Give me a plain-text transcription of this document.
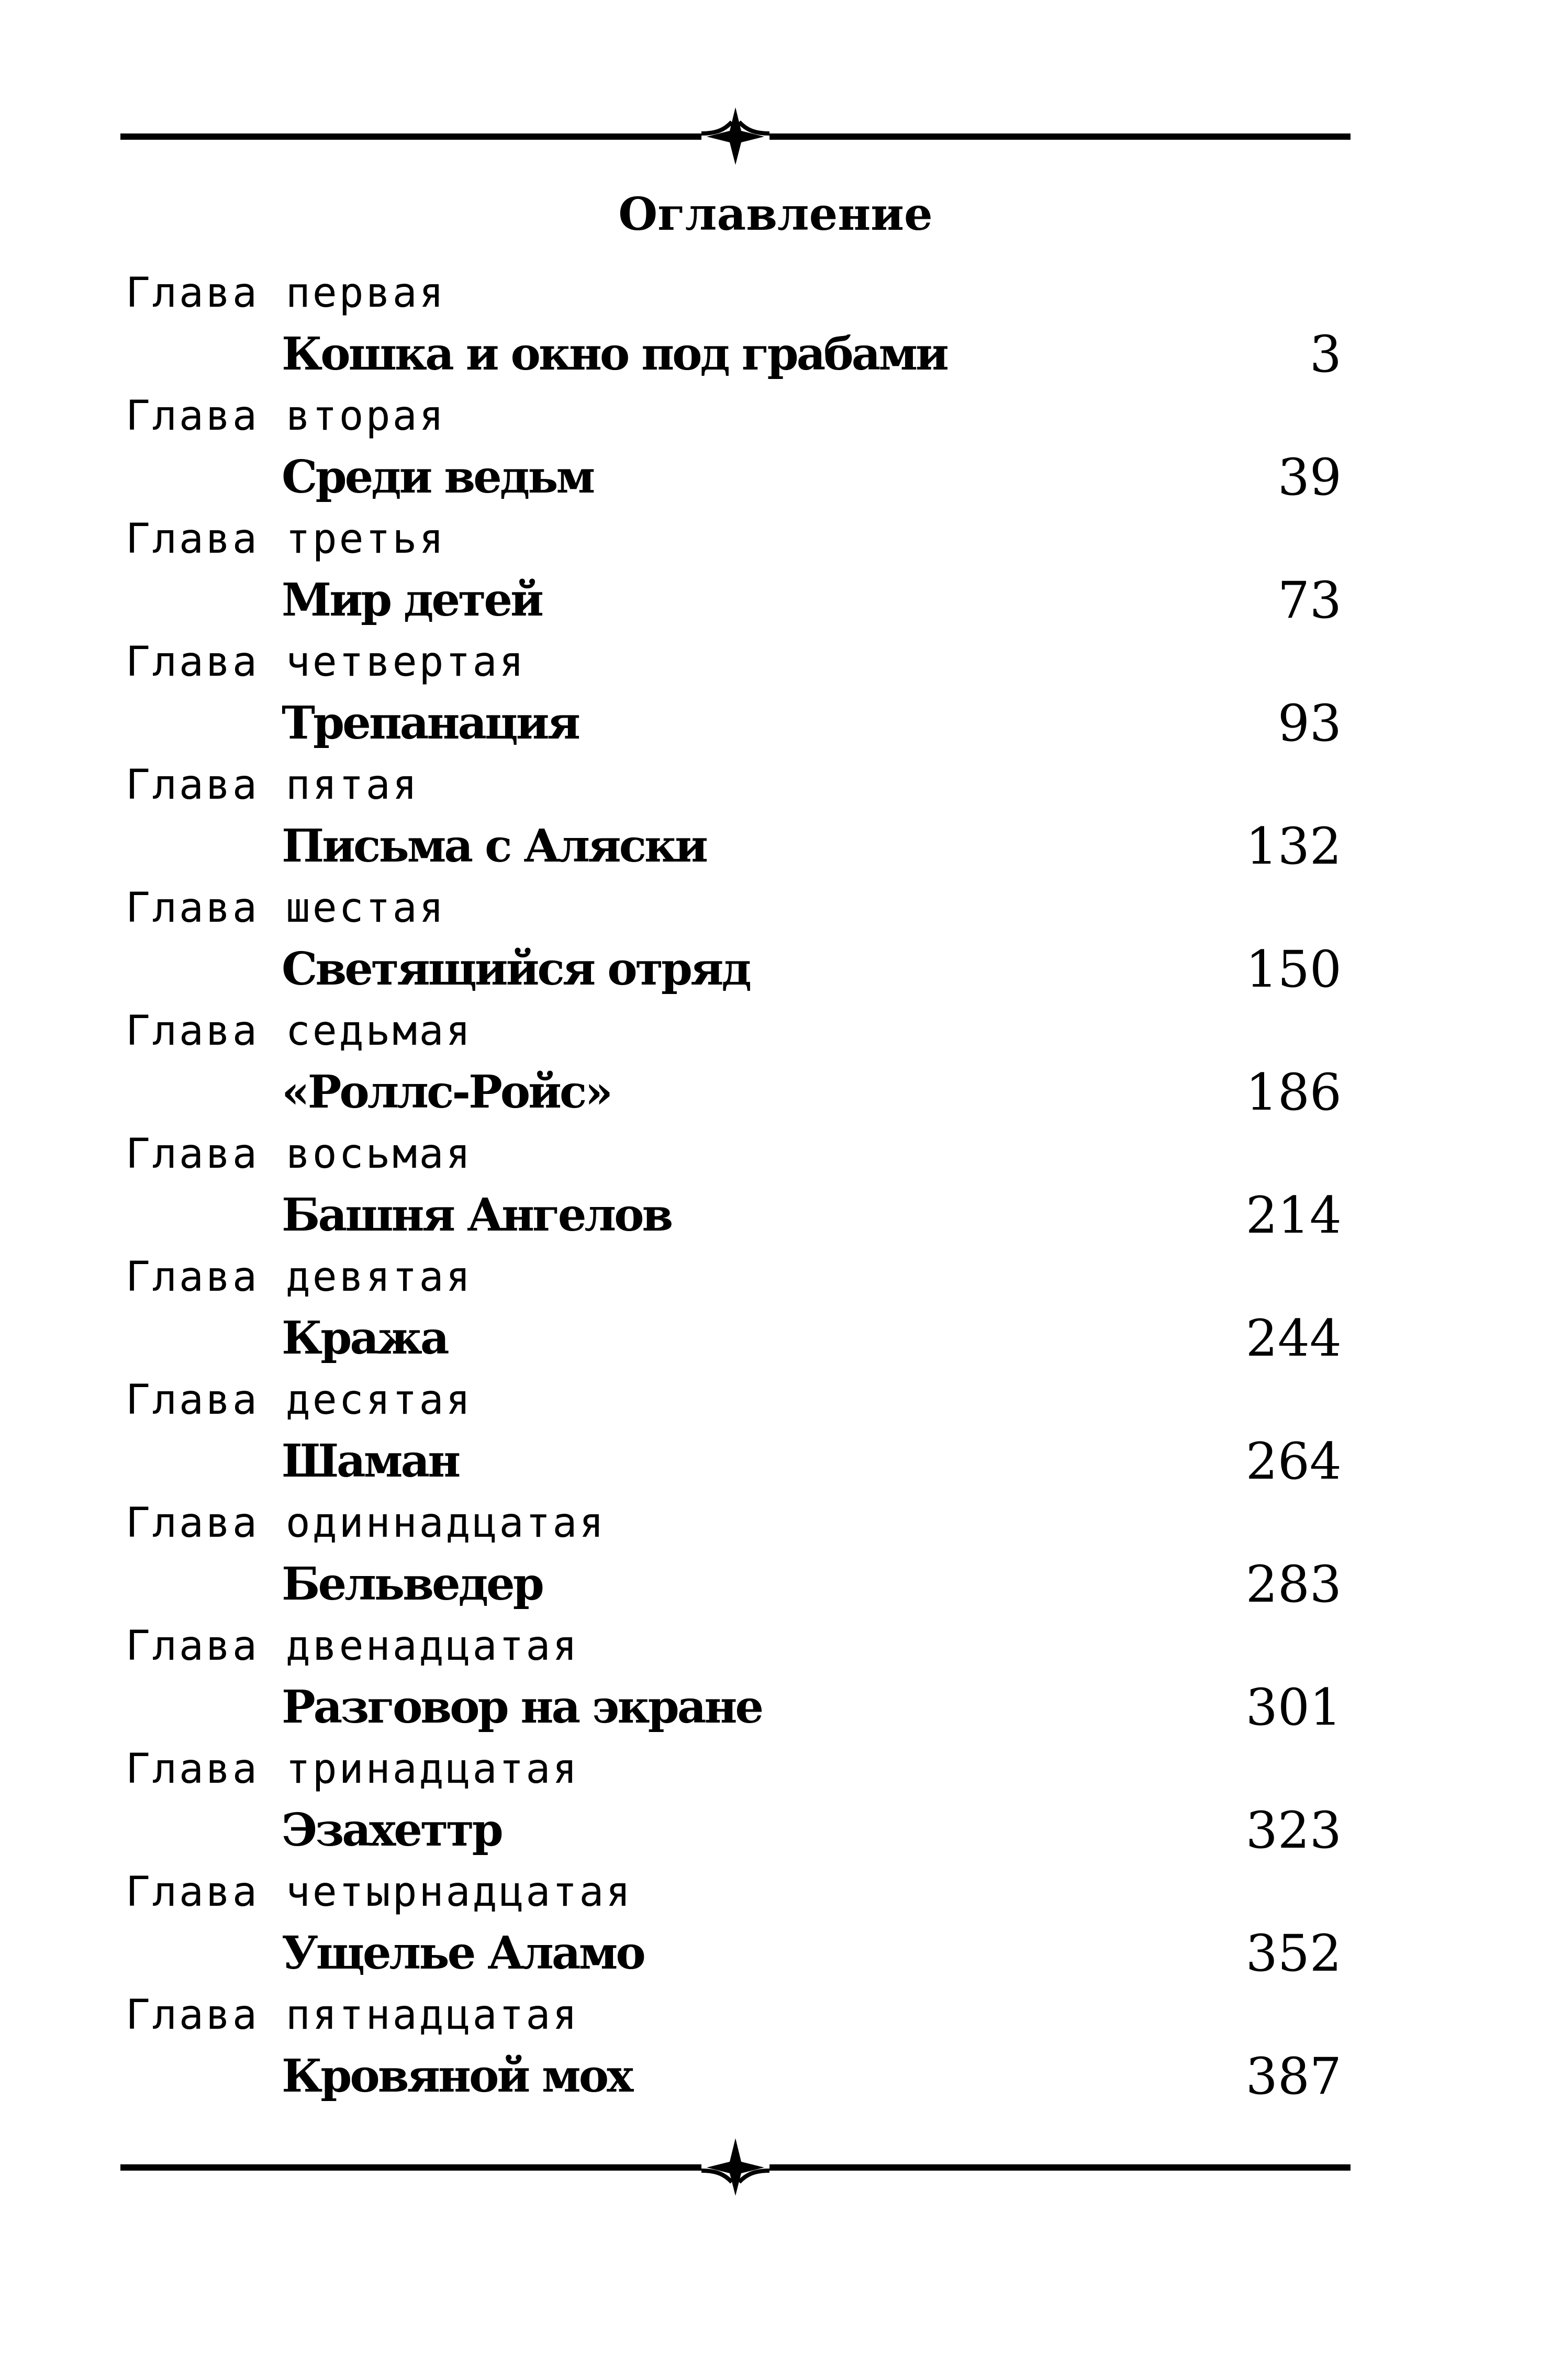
Оглавление
Глава первая
Кошка и окно под грабами	3
Глава вторая
Среди ведьм	39
Глава третья
Мир детей	73
Глава четвертая
Трепанация	93
Глава пятая
Письма с Аляски	132
Глава шестая
Светящийся отряд	150
Глава седьмая
«Роллс-Ройс»	186
Глава восьмая
Башня Ангелов	214
Глава девятая
Кража	244
Глава десятая
Шаман	264
Глава одиннадцатая
Бельведер	283
Глава двенадцатая
Разговор на экране	301
Глава тринадцатая
Эзахеттр	323
Глава четырнадцатая
Ущелье Аламо	352
Глава пятнадцатая
Кровяной мох	387
